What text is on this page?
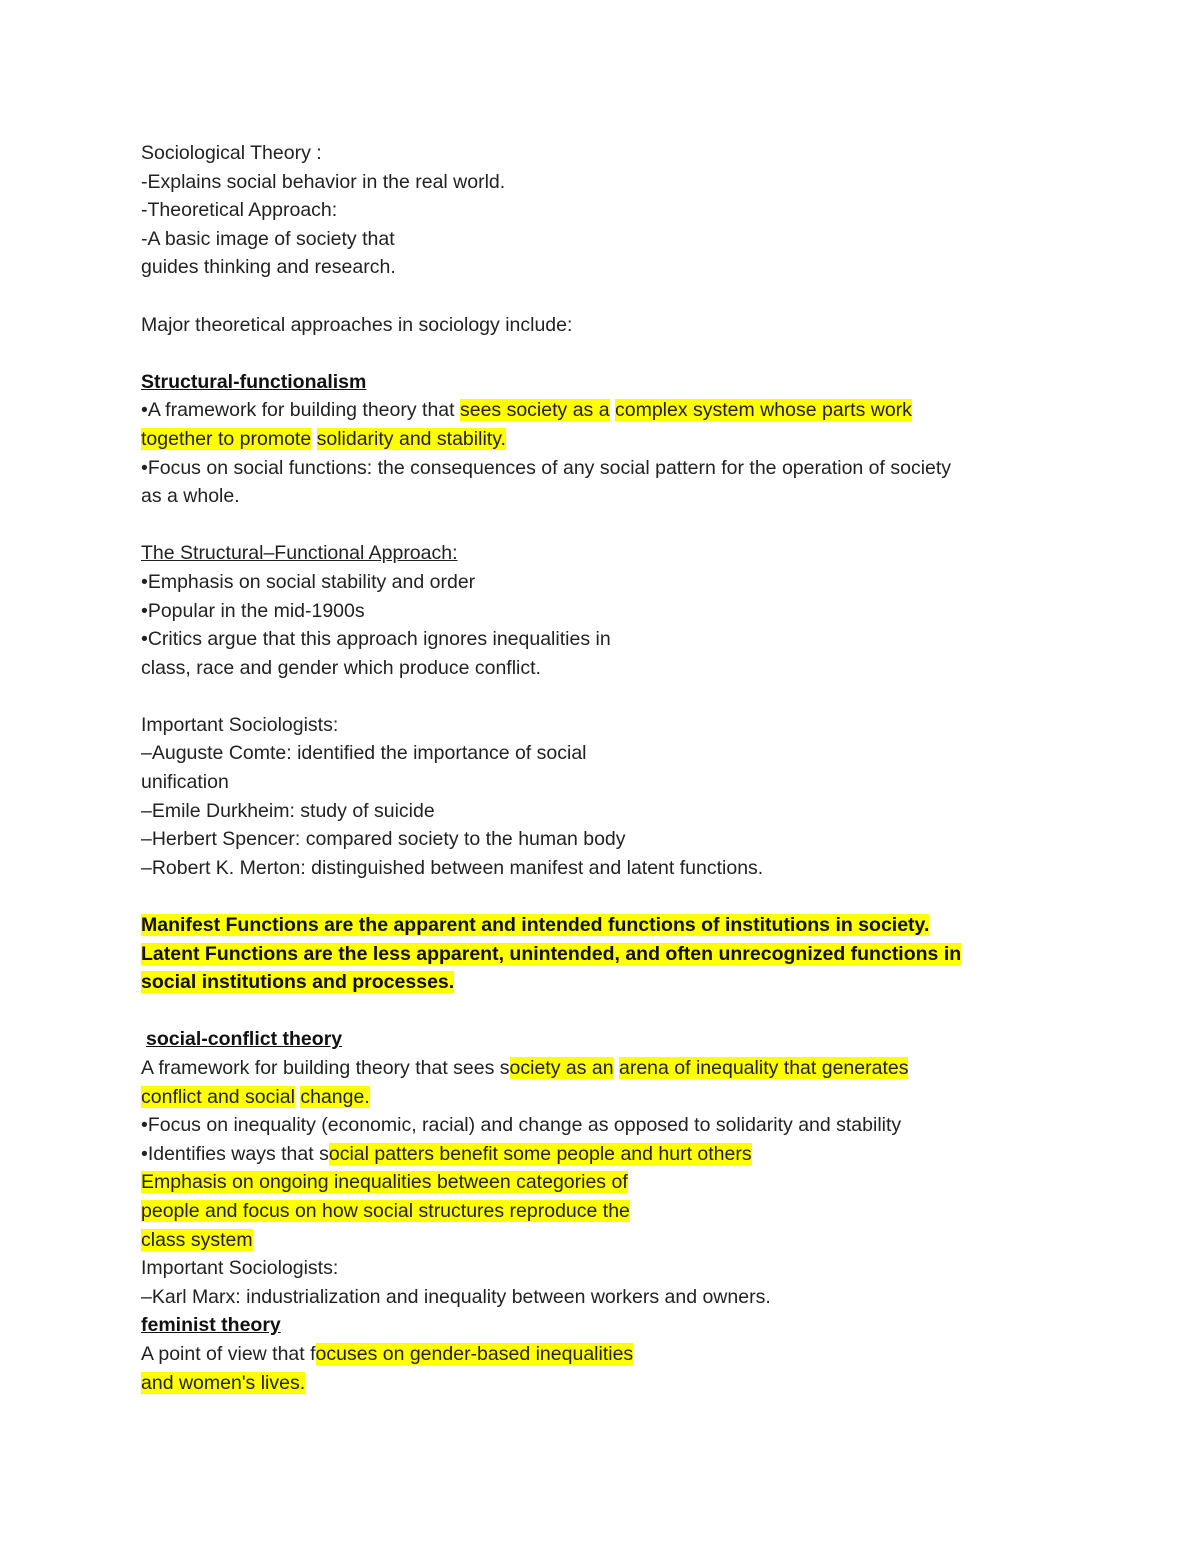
Sociological Theory :
-Explains social behavior in the real world.
-Theoretical Approach:
-A basic image of society that
guides thinking and research.
Major theoretical approaches in sociology include:
Structural-functionalism
•A framework for building theory that sees society as a complex system whose parts work
together to promote solidarity and stability.
•Focus on social functions: the consequences of any social pattern for the operation of society
as a whole.
The Structural–Functional Approach:
•Emphasis on social stability and order
•Popular in the mid-1900s
•Critics argue that this approach ignores inequalities in
class, race and gender which produce conflict.
Important Sociologists:
–Auguste Comte: identified the importance of social
unification
–Emile Durkheim: study of suicide
–Herbert Spencer: compared society to the human body
–Robert K. Merton: distinguished between manifest and latent functions.
Manifest Functions are the apparent and intended functions of institutions in society.
Latent Functions are the less apparent, unintended, and often unrecognized functions in
social institutions and processes.
social-conflict theory
A framework for building theory that sees society as an arena of inequality that generates
conflict and social change.
•Focus on inequality (economic, racial) and change as opposed to solidarity and stability
•Identifies ways that social patters benefit some people and hurt others
Emphasis on ongoing inequalities between categories of
people and focus on how social structures reproduce the
class system
Important Sociologists:
–Karl Marx: industrialization and inequality between workers and owners.
feminist theory
A point of view that focuses on gender-based inequalities
and women's lives.
